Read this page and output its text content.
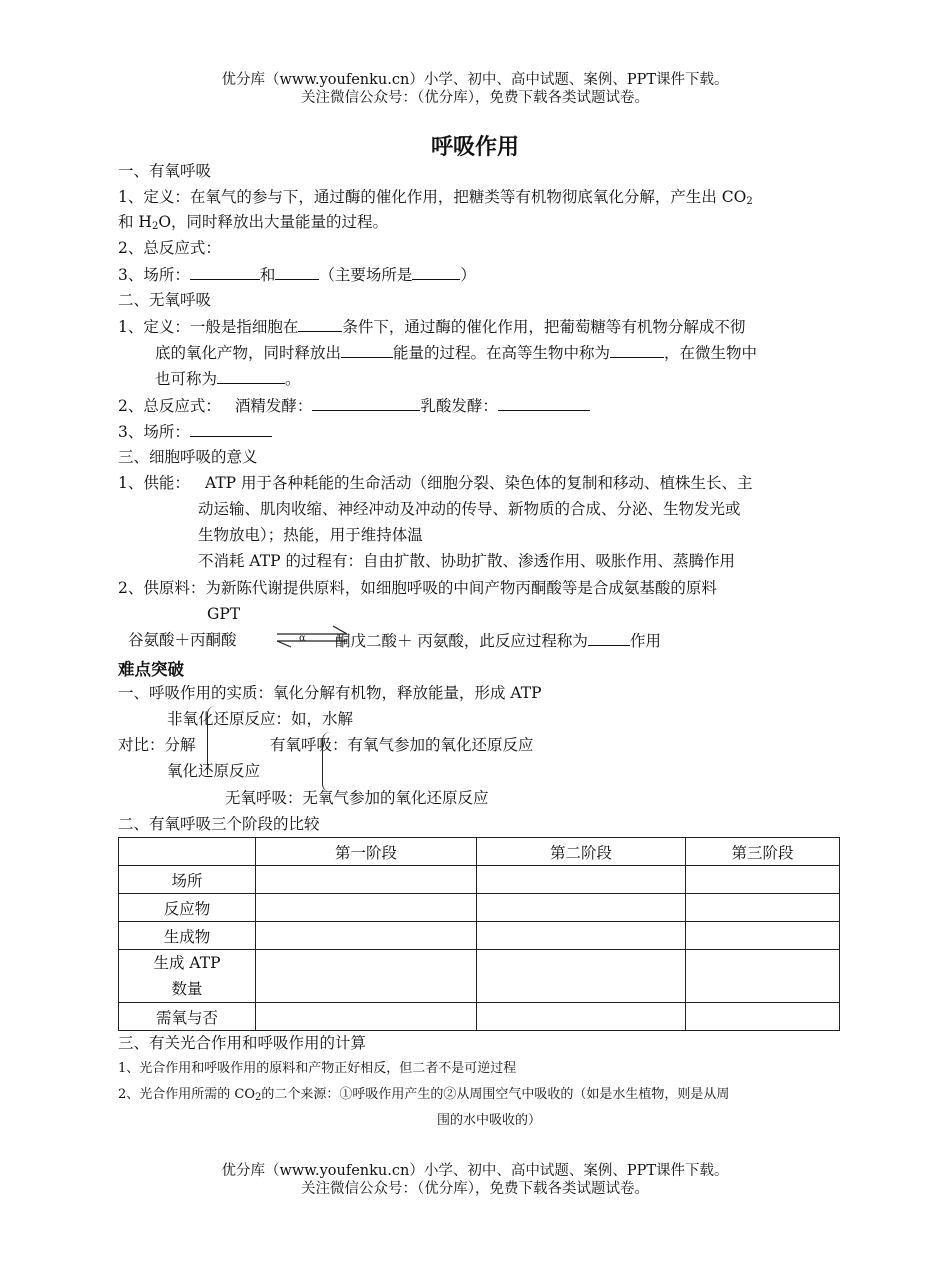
优分库（www.youfenku.cn）小学、初中、高中试题、案例、PPT课件下载。
关注微信公众号：（优分库），免费下载各类试题试卷。
呼吸作用
一、有氧呼吸
1、定义：在氧气的参与下，通过酶的催化作用，把糖类等有机物彻底氧化分解，产生出 $CO_2$
和 $H_2O$，同时释放出大量能量的过程。
2、总反应式：
3、场所：	和	（主要场所是	）
二、无氧呼吸
1、定义：一般是指细胞在	条件下，通过酶的催化作用，把葡萄糖等有机物分解成不彻
底的氧化产物，同时释放出	能量的过程。在高等生物中称为	，在微生物中
也可称为	。
2、总反应式： 酒精发酵：	乳酸发酵：
3、场所：
三、细胞呼吸的意义
1、供能： ATP 用于各种耗能的生命活动（细胞分裂、染色体的复制和移动、植株生长、主
动运输、肌肉收缩、神经冲动及冲动的传导、新物质的合成、分泌、生物发光或
生物放电）；热能，用于维持体温
不消耗 ATP 的过程有：自由扩散、协助扩散、渗透作用、吸胀作用、蒸腾作用
2、供原料：为新陈代谢提供原料，如细胞呼吸的中间产物丙酮酸等是合成氨基酸的原料
GPT
谷氨酸＋丙酮酸	α 酮戊二酸＋ 丙氨酸，此反应过程称为	作用
难点突破
一、呼吸作用的实质：氧化分解有机物，释放能量，形成 ATP
非氧化还原反应：如，水解
对比：分解	有氧呼吸：有氧气参加的氧化还原反应
氧化还原反应
无氧呼吸：无氧气参加的氧化还原反应
二、有氧呼吸三个阶段的比较
	第一阶段	第二阶段	第三阶段
场所			
反应物			
生成物			
生成 ATP
数量			
需氧与否			
三、有关光合作用和呼吸作用的计算
1、光合作用和呼吸作用的原料和产物正好相反，但二者不是可逆过程
2、光合作用所需的 $CO_2$的二个来源：①呼吸作用产生的②从周围空气中吸收的（如是水生植物，则是从周
围的水中吸收的）
优分库（www.youfenku.cn）小学、初中、高中试题、案例、PPT课件下载。
关注微信公众号：（优分库），免费下载各类试题试卷。
